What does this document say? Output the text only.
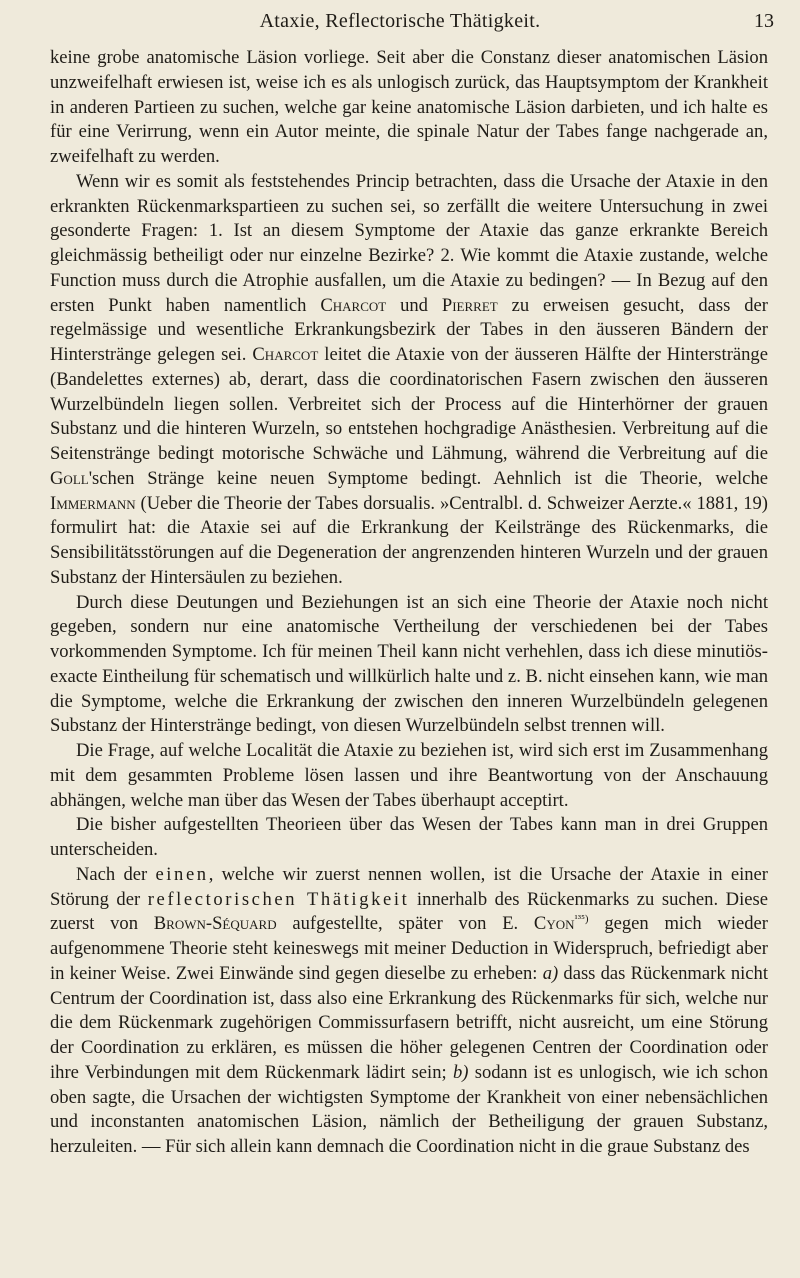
Ataxie, Reflectorische Thätigkeit.	13

keine grobe anatomische Läsion vorliege. Seit aber die Constanz dieser anatomischen Läsion unzweifelhaft erwiesen ist, weise ich es als unlogisch zurück, das Hauptsymptom der Krankheit in anderen Partieen zu suchen, welche gar keine anatomische Läsion darbieten, und ich halte es für eine Verirrung, wenn ein Autor meinte, die spinale Natur der Tabes fange nachgerade an, zweifelhaft zu werden.

Wenn wir es somit als feststehendes Princip betrachten, dass die Ursache der Ataxie in den erkrankten Rückenmarkspartieen zu suchen sei, so zerfällt die weitere Untersuchung in zwei gesonderte Fragen: 1. Ist an diesem Symptome der Ataxie das ganze erkrankte Bereich gleichmässig betheiligt oder nur einzelne Bezirke? 2. Wie kommt die Ataxie zustande, welche Function muss durch die Atrophie ausfallen, um die Ataxie zu bedingen? — In Bezug auf den ersten Punkt haben namentlich Charcot und Pierret zu erweisen gesucht, dass der regelmässige und wesentliche Erkrankungsbezirk der Tabes in den äusseren Bändern der Hinterstränge gelegen sei. Charcot leitet die Ataxie von der äusseren Hälfte der Hinterstränge (Bandelettes externes) ab, derart, dass die coordinatorischen Fasern zwischen den äusseren Wurzelbündeln liegen sollen. Verbreitet sich der Process auf die Hinterhörner der grauen Substanz und die hinteren Wurzeln, so entstehen hochgradige Anästhesien. Verbreitung auf die Seitenstränge bedingt motorische Schwäche und Lähmung, während die Verbreitung auf die Goll'schen Stränge keine neuen Symptome bedingt. Aehnlich ist die Theorie, welche Immermann (Ueber die Theorie der Tabes dorsualis. »Centralbl. d. Schweizer Aerzte.« 1881, 19) formulirt hat: die Ataxie sei auf die Erkrankung der Keilstränge des Rückenmarks, die Sensibilitätsstörungen auf die Degeneration der angrenzenden hinteren Wurzeln und der grauen Substanz der Hintersäulen zu beziehen.

Durch diese Deutungen und Beziehungen ist an sich eine Theorie der Ataxie noch nicht gegeben, sondern nur eine anatomische Vertheilung der verschiedenen bei der Tabes vorkommenden Symptome. Ich für meinen Theil kann nicht verhehlen, dass ich diese minutiös-exacte Eintheilung für schematisch und willkürlich halte und z. B. nicht einsehen kann, wie man die Symptome, welche die Erkrankung der zwischen den inneren Wurzelbündeln gelegenen Substanz der Hinterstränge bedingt, von diesen Wurzelbündeln selbst trennen will.

Die Frage, auf welche Localität die Ataxie zu beziehen ist, wird sich erst im Zusammenhang mit dem gesammten Probleme lösen lassen und ihre Beantwortung von der Anschauung abhängen, welche man über das Wesen der Tabes überhaupt acceptirt.

Die bisher aufgestellten Theorieen über das Wesen der Tabes kann man in drei Gruppen unterscheiden.

Nach der einen, welche wir zuerst nennen wollen, ist die Ursache der Ataxie in einer Störung der reflectorischen Thätigkeit innerhalb des Rückenmarks zu suchen. Diese zuerst von Brown-Séquard aufgestellte, später von E. Cyon$^{^{135})}$ gegen mich wieder aufgenommene Theorie steht keineswegs mit meiner Deduction in Widerspruch, befriedigt aber in keiner Weise. Zwei Einwände sind gegen dieselbe zu erheben: a) dass das Rückenmark nicht Centrum der Coordination ist, dass also eine Erkrankung des Rückenmarks für sich, welche nur die dem Rückenmark zugehörigen Commissurfasern betrifft, nicht ausreicht, um eine Störung der Coordination zu erklären, es müssen die höher gelegenen Centren der Coordination oder ihre Verbindungen mit dem Rückenmark lädirt sein; b) sodann ist es unlogisch, wie ich schon oben sagte, die Ursachen der wichtigsten Symptome der Krankheit von einer nebensächlichen und inconstanten anatomischen Läsion, nämlich der Betheiligung der grauen Substanz, herzuleiten. — Für sich allein kann demnach die Coordination nicht in die graue Substanz des
